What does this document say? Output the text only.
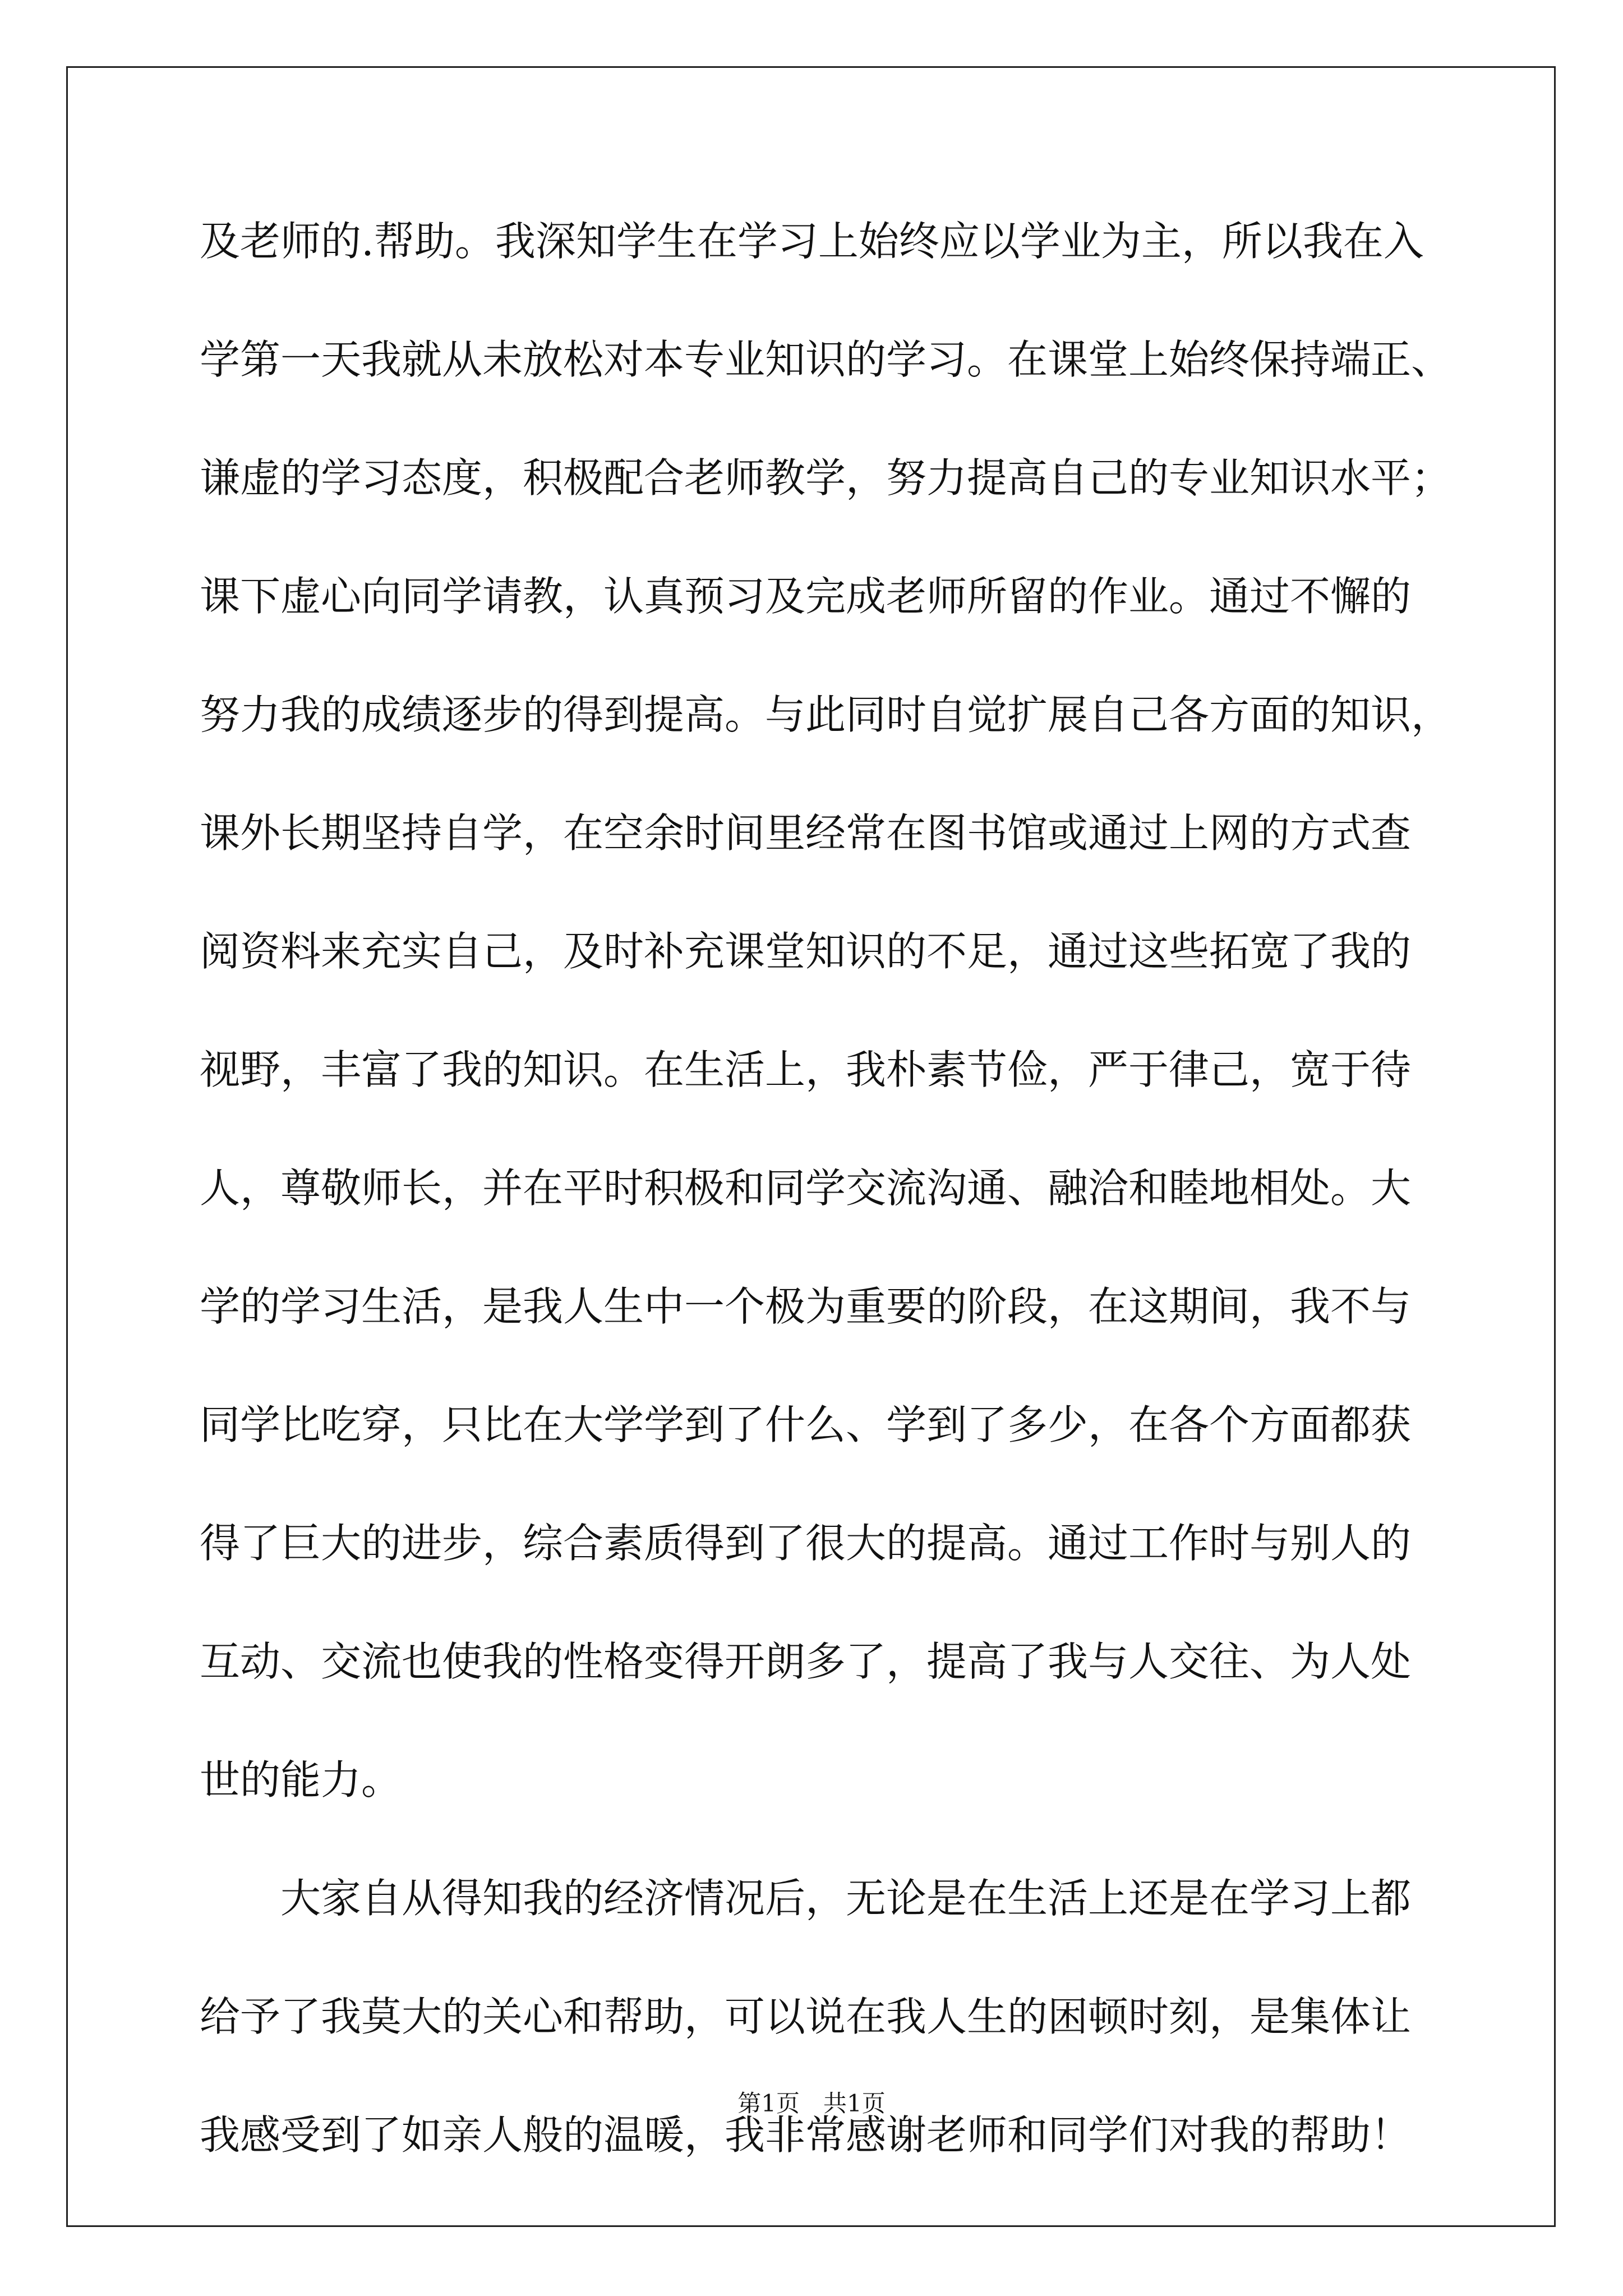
及老师的.帮助。我深知学生在学习上始终应以学业为主，所以我在入
学第一天我就从未放松对本专业知识的学习。在课堂上始终保持端正、
谦虚的学习态度，积极配合老师教学，努力提高自己的专业知识水平；
课下虚心向同学请教，认真预习及完成老师所留的作业。通过不懈的
努力我的成绩逐步的得到提高。与此同时自觉扩展自己各方面的知识，
课外长期坚持自学，在空余时间里经常在图书馆或通过上网的方式查
阅资料来充实自己，及时补充课堂知识的不足，通过这些拓宽了我的
视野，丰富了我的知识。在生活上，我朴素节俭，严于律己，宽于待
人，尊敬师长，并在平时积极和同学交流沟通、融洽和睦地相处。大
学的学习生活，是我人生中一个极为重要的阶段，在这期间，我不与
同学比吃穿，只比在大学学到了什么、学到了多少，在各个方面都获
得了巨大的进步，综合素质得到了很大的提高。通过工作时与别人的
互动、交流也使我的性格变得开朗多了，提高了我与人交往、为人处
世的能力。
大家自从得知我的经济情况后，无论是在生活上还是在学习上都
给予了我莫大的关心和帮助，可以说在我人生的困顿时刻，是集体让
我感受到了如亲人般的温暖，我非常感谢老师和同学们对我的帮助！
第1页　共1页
